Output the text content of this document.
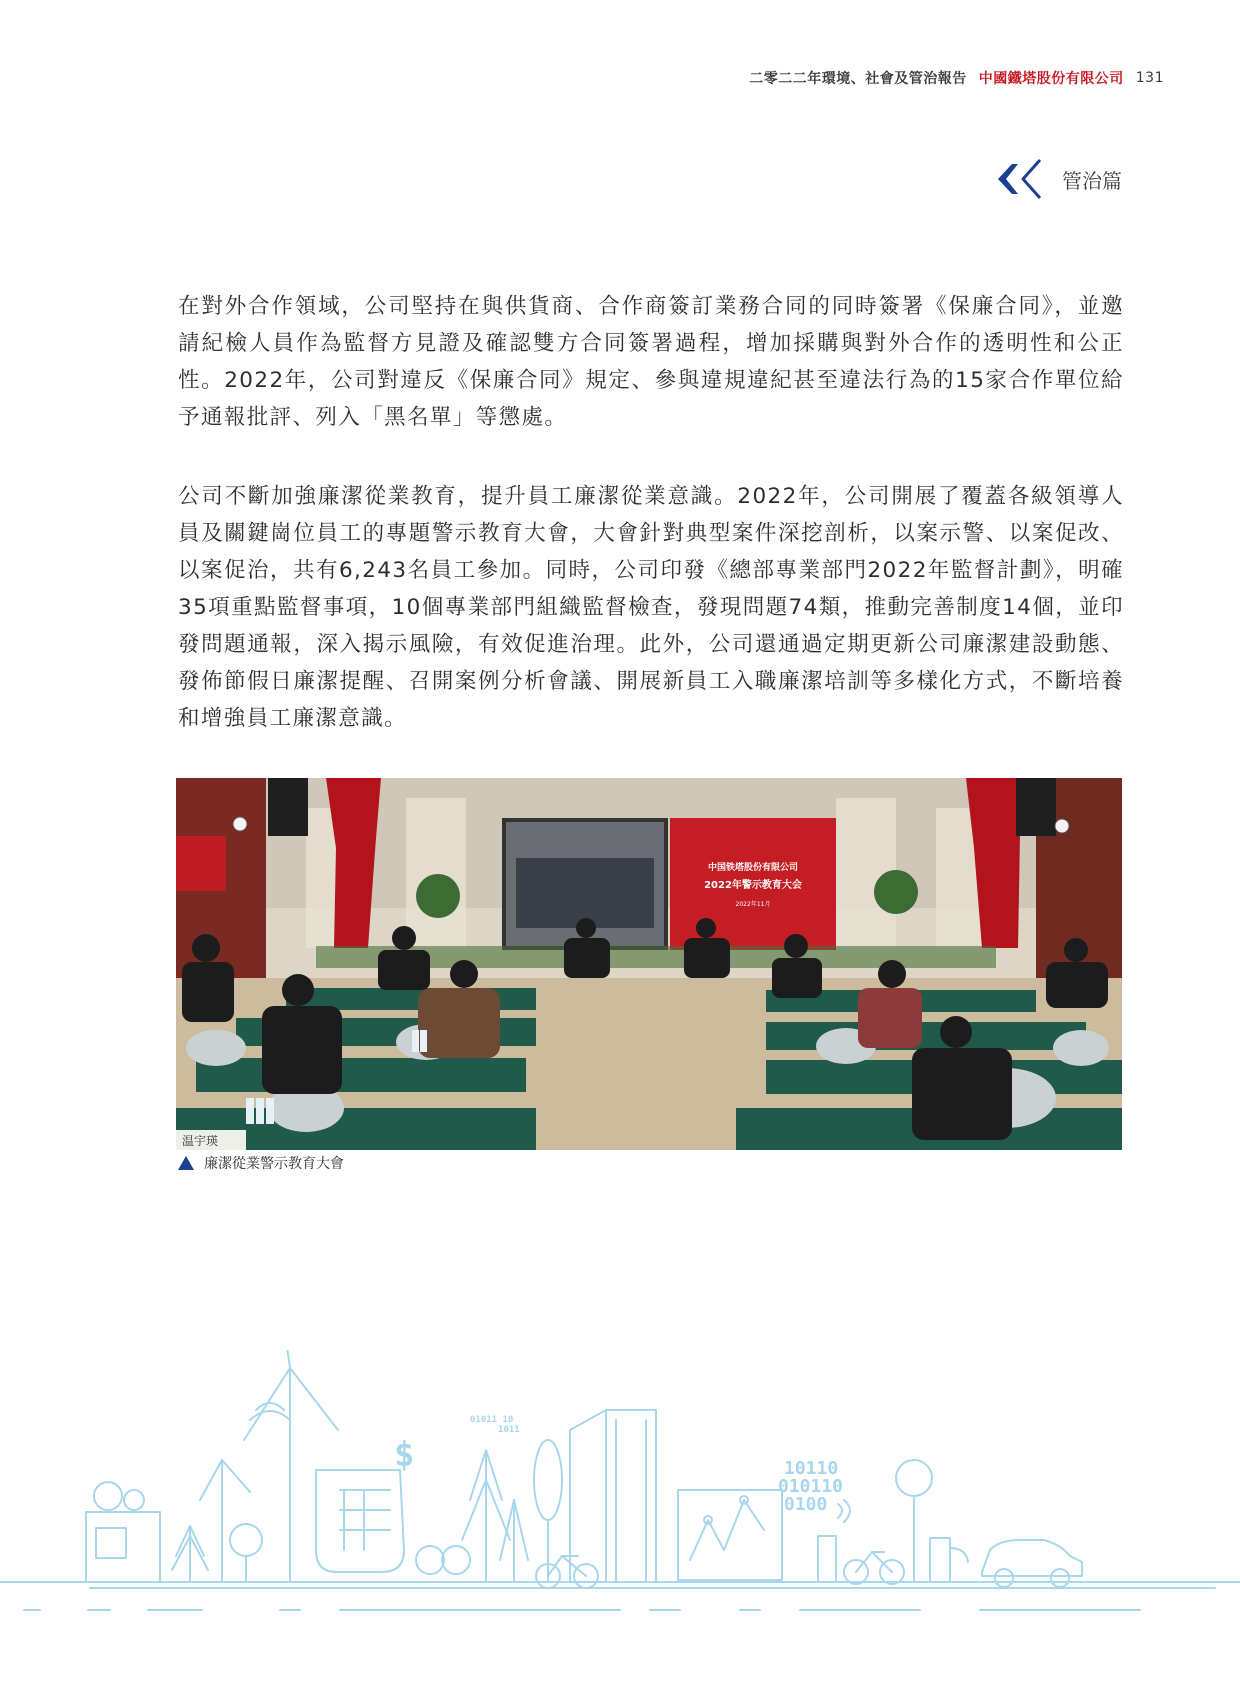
二零二二年環境、社會及管治報告 中國鐵塔股份有限公司 131
管治篇
在對外合作領域，公司堅持在與供貨商、合作商簽訂業務合同的同時簽署《保廉合同》，並邀請紀檢人員作為監督方見證及確認雙方合同簽署過程，增加採購與對外合作的透明性和公正性。2022年，公司對違反《保廉合同》規定、參與違規違紀甚至違法行為的15家合作單位給予通報批評、列入「黑名單」等懲處。
公司不斷加強廉潔從業教育，提升員工廉潔從業意識。2022年，公司開展了覆蓋各級領導人員及關鍵崗位員工的專題警示教育大會，大會針對典型案件深挖剖析，以案示警、以案促改、以案促治，共有6,243名員工參加。同時，公司印發《總部專業部門2022年監督計劃》，明確35項重點監督事項，10個專業部門組織監督檢查，發現問題74類，推動完善制度14個，並印發問題通報，深入揭示風險，有效促進治理。此外，公司還通過定期更新公司廉潔建設動態、發佈節假日廉潔提醒、召開案例分析會議、開展新員工入職廉潔培訓等多樣化方式，不斷培養和增強員工廉潔意識。
中国铁塔股份有限公司
2022年警示教育大会
2022年11月
温宇瑛
廉潔從業警示教育大會
10110
010110
0100
01011 10
1011
$
